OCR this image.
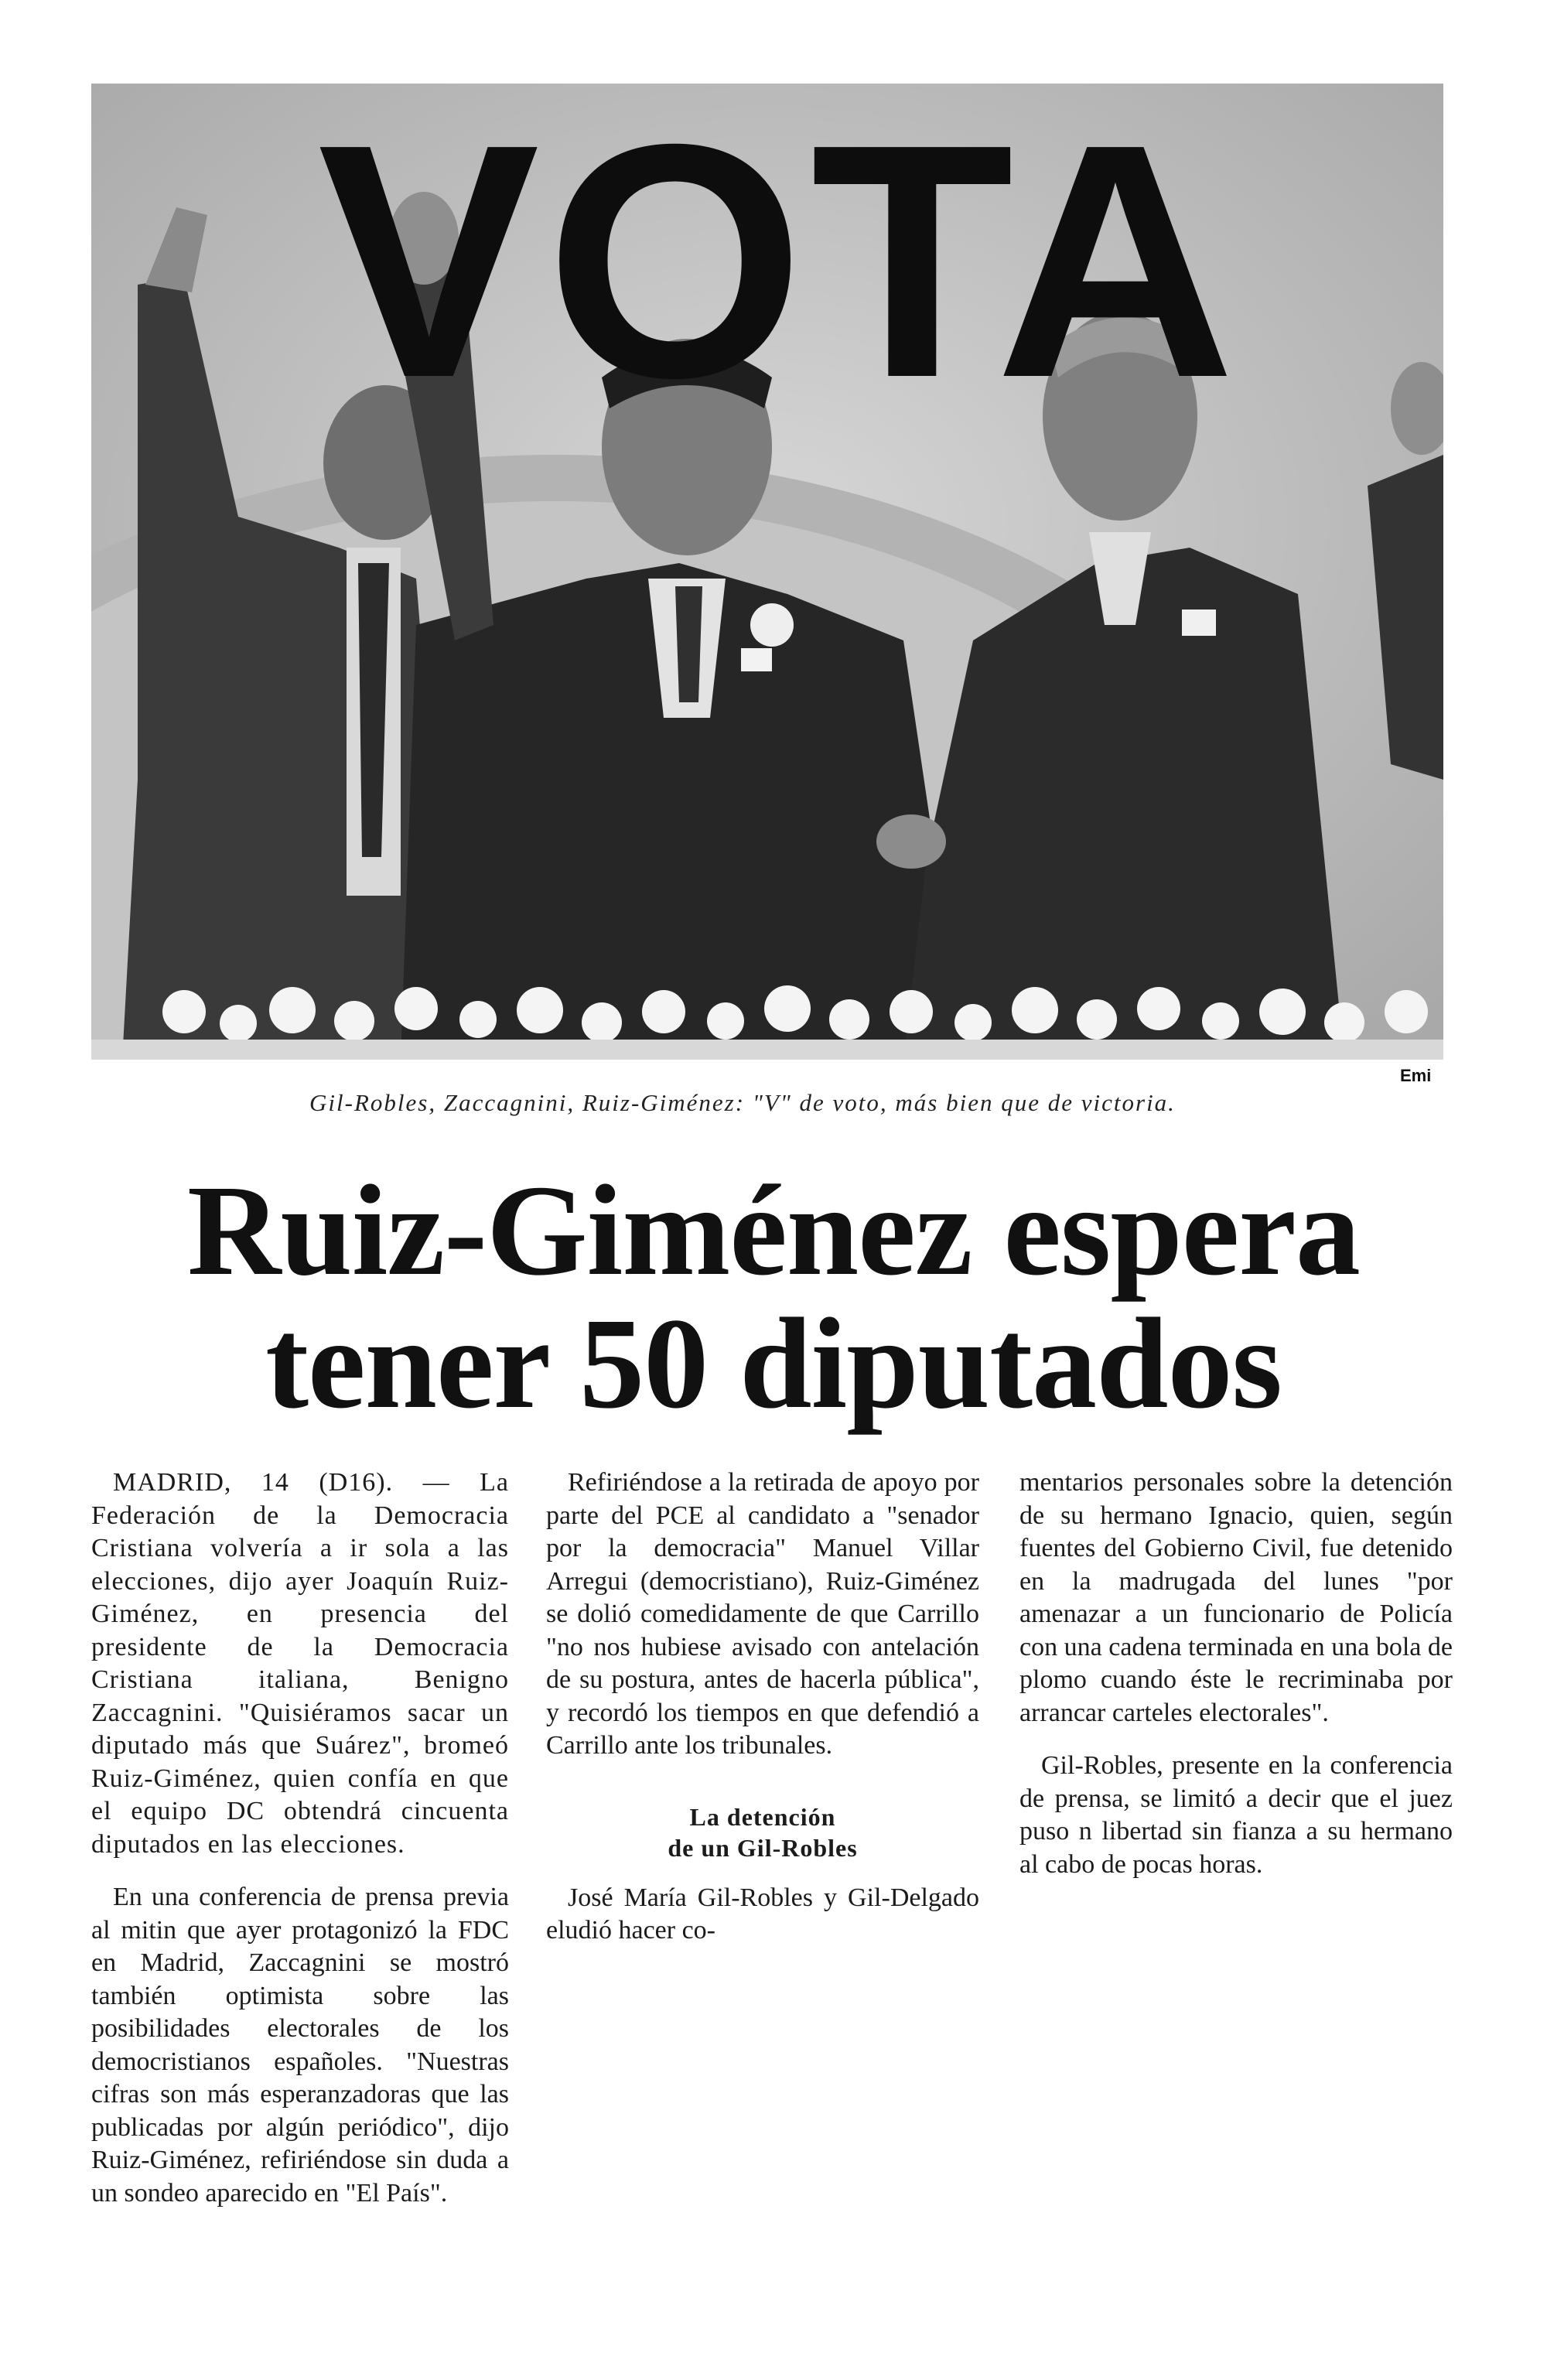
VOTA
Emi

Gil-Robles, Zaccagnini, Ruiz-Giménez: "V" de voto, más bien que de victoria.

Ruiz-Giménez espera
tener 50 diputados

MADRID, 14 (D16). — La Federación de la Democracia Cristiana volvería a ir sola a las elecciones, dijo ayer Joaquín Ruiz-Giménez, en presencia del presidente de la Democracia Cristiana italiana, Benigno Zaccagnini. "Quisiéramos sacar un diputado más que Suárez", bromeó Ruiz-Giménez, quien confía en que el equipo DC obtendrá cincuenta diputados en las elecciones.

En una conferencia de prensa previa al mitin que ayer protagonizó la FDC en Madrid, Zaccagnini se mostró también optimista sobre las posibilidades electorales de los democristianos españoles. "Nuestras cifras son más esperanzadoras que las publicadas por algún periódico", dijo Ruiz-Giménez, refiriéndose sin duda a un sondeo aparecido en "El País".

Refiriéndose a la retirada de apoyo por parte del PCE al candidato a "senador por la democracia" Manuel Villar Arregui (democristiano), Ruiz-Giménez se dolió comedidamente de que Carrillo "no nos hubiese avisado con antelación de su postura, antes de hacerla pública", y recordó los tiempos en que defendió a Carrillo ante los tribunales.

La detención
de un Gil-Robles

José María Gil-Robles y Gil-Delgado eludió hacer co-

mentarios personales sobre la detención de su hermano Ignacio, quien, según fuentes del Gobierno Civil, fue detenido en la madrugada del lunes "por amenazar a un funcionario de Policía con una cadena terminada en una bola de plomo cuando éste le recriminaba por arrancar carteles electorales".

Gil-Robles, presente en la conferencia de prensa, se limitó a decir que el juez puso n libertad sin fianza a su hermano al cabo de pocas horas.
